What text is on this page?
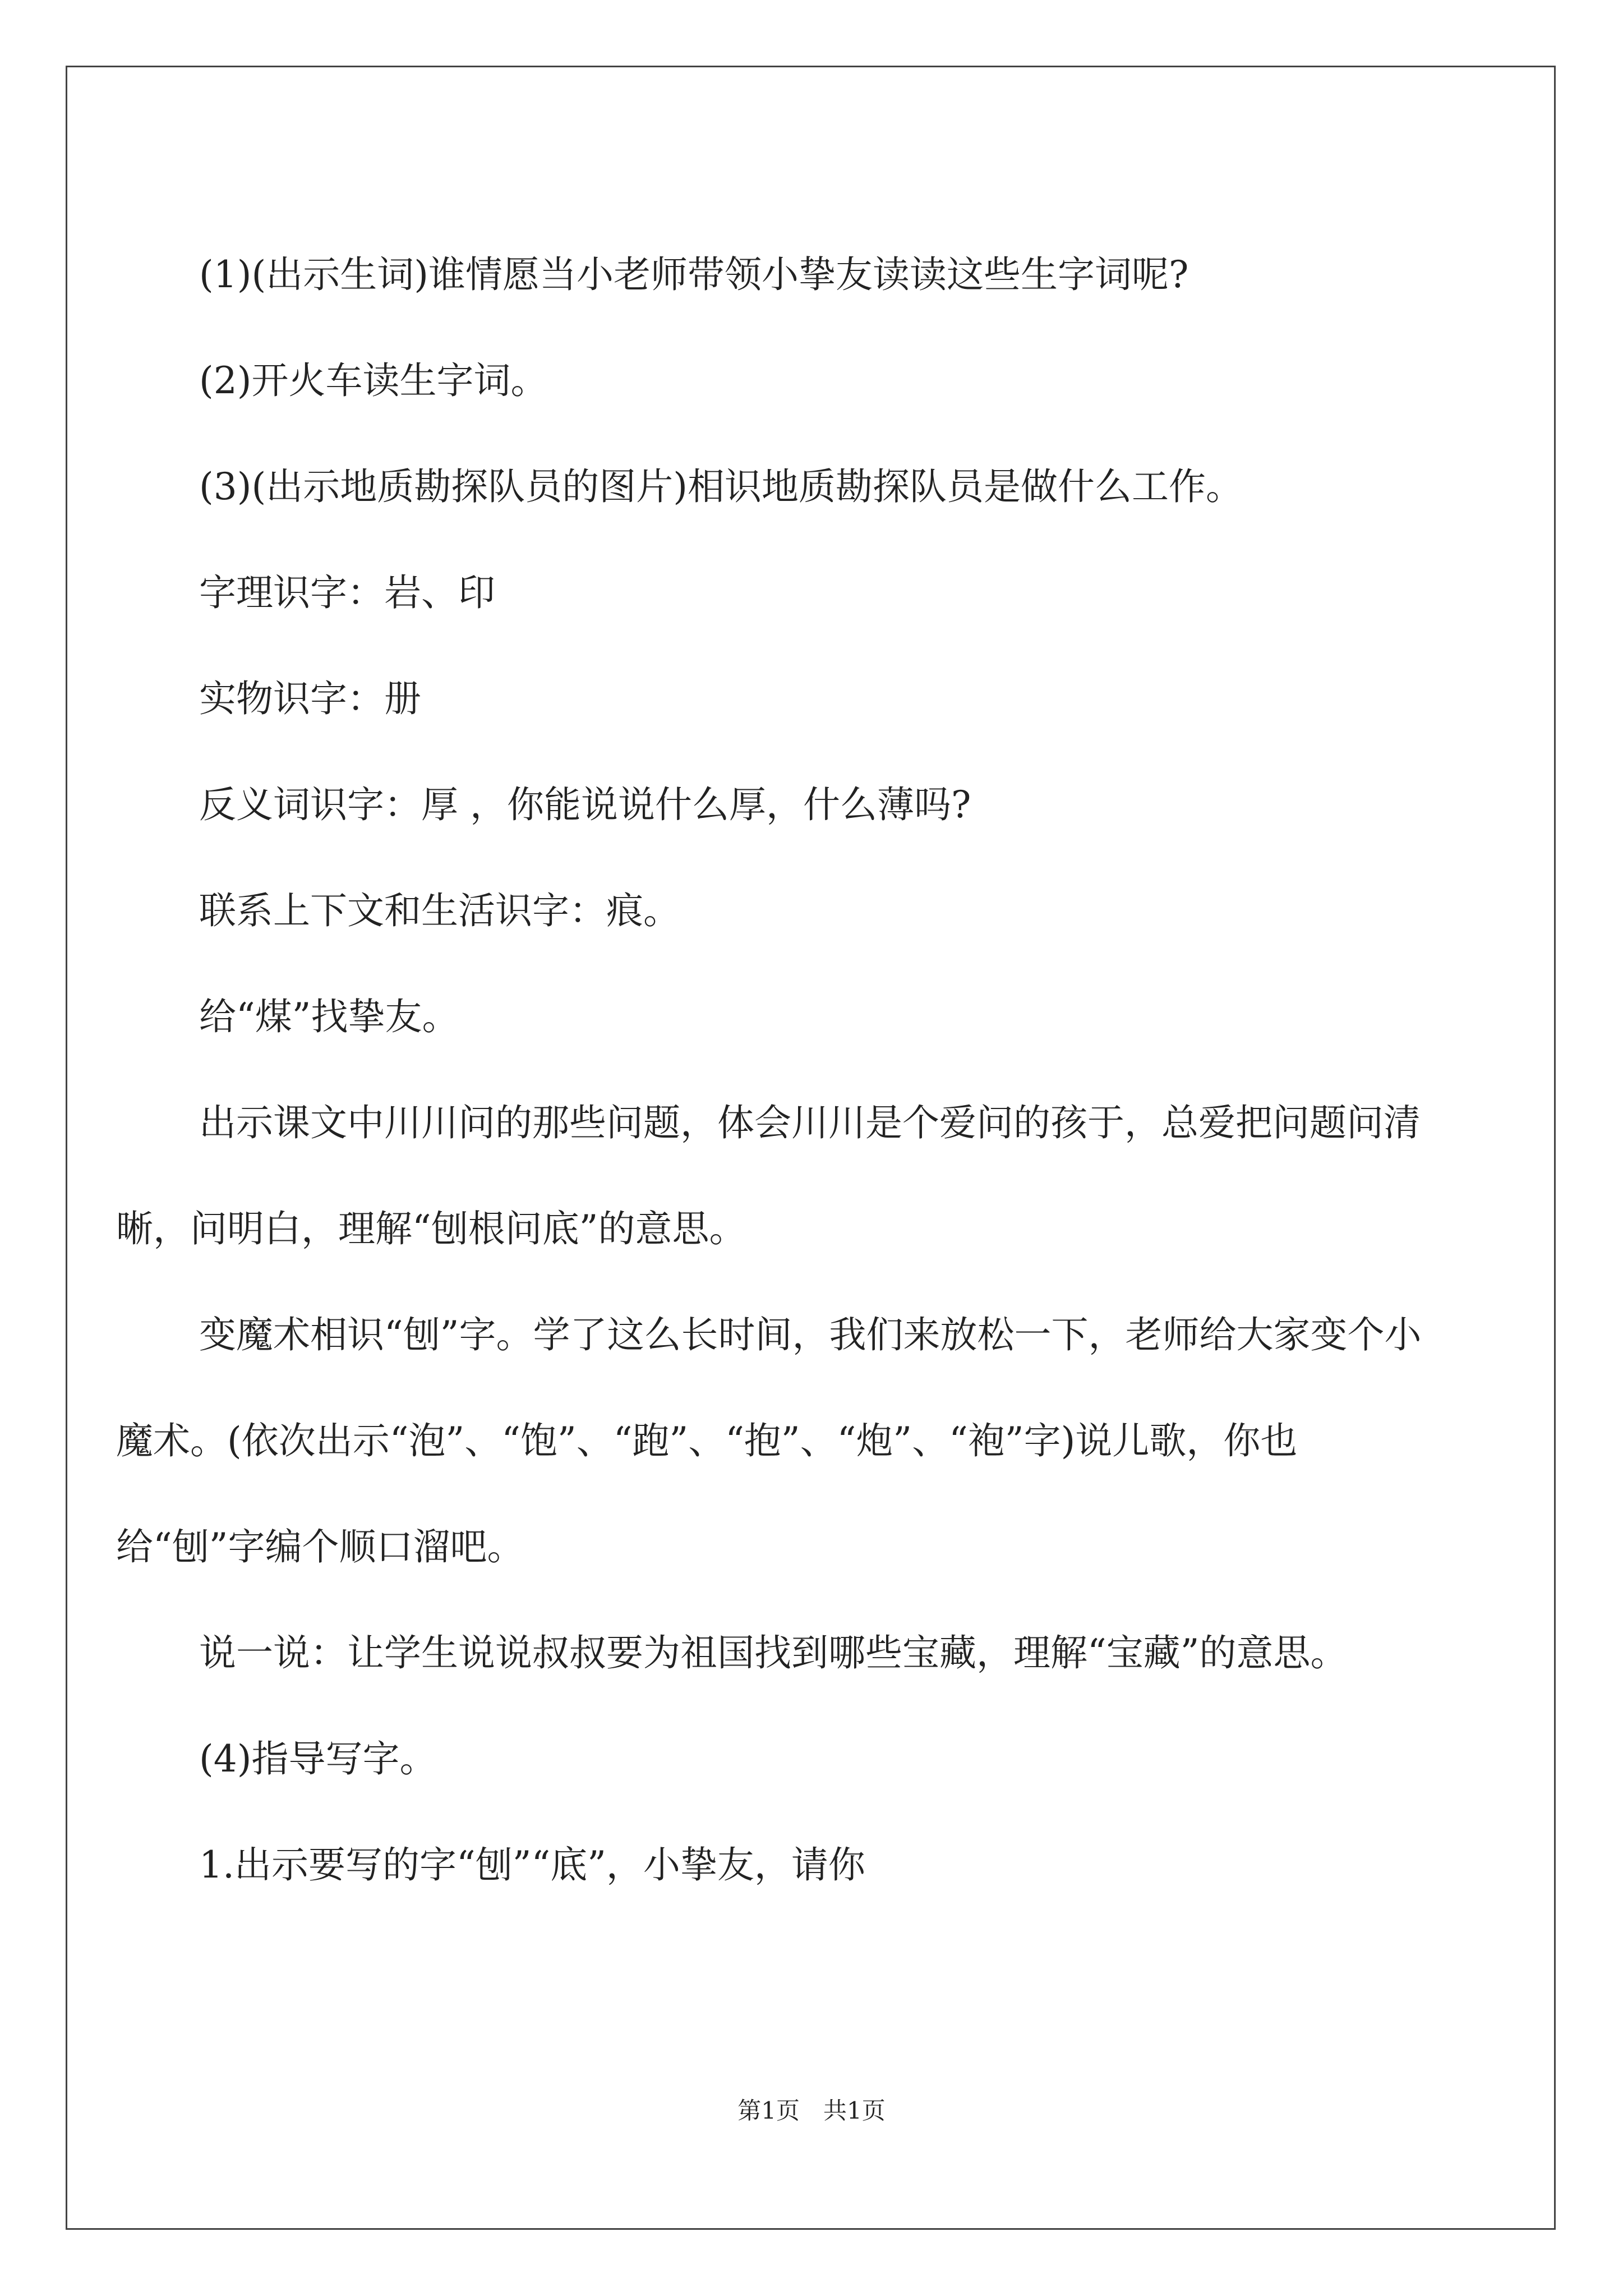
(1)(出示生词)谁情愿当小老师带领小挚友读读这些生字词呢?

(2)开火车读生字词。

(3)(出示地质勘探队员的图片)相识地质勘探队员是做什么工作。

字理识字：岩、印

实物识字：册

反义词识字：厚 ，你能说说什么厚，什么薄吗?

联系上下文和生活识字：痕。

给“煤”找挚友。

出示课文中川川问的那些问题，体会川川是个爱问的孩于，总爱把问题问清晰，问明白，理解“刨根问底”的意思。

变魔术相识“刨”字。学了这么长时间，我们来放松一下，老师给大家变个小魔术。(依次出示“泡”、“饱”、“跑”、“抱”、“炮”、“袍”字)说儿歌，你也给“刨”字编个顺口溜吧。

说一说：让学生说说叔叔要为祖国找到哪些宝藏，理解“宝藏”的意思。

(4)指导写字。

1.出示要写的字“刨”“底”，小挚友，请你

第1页　共1页
